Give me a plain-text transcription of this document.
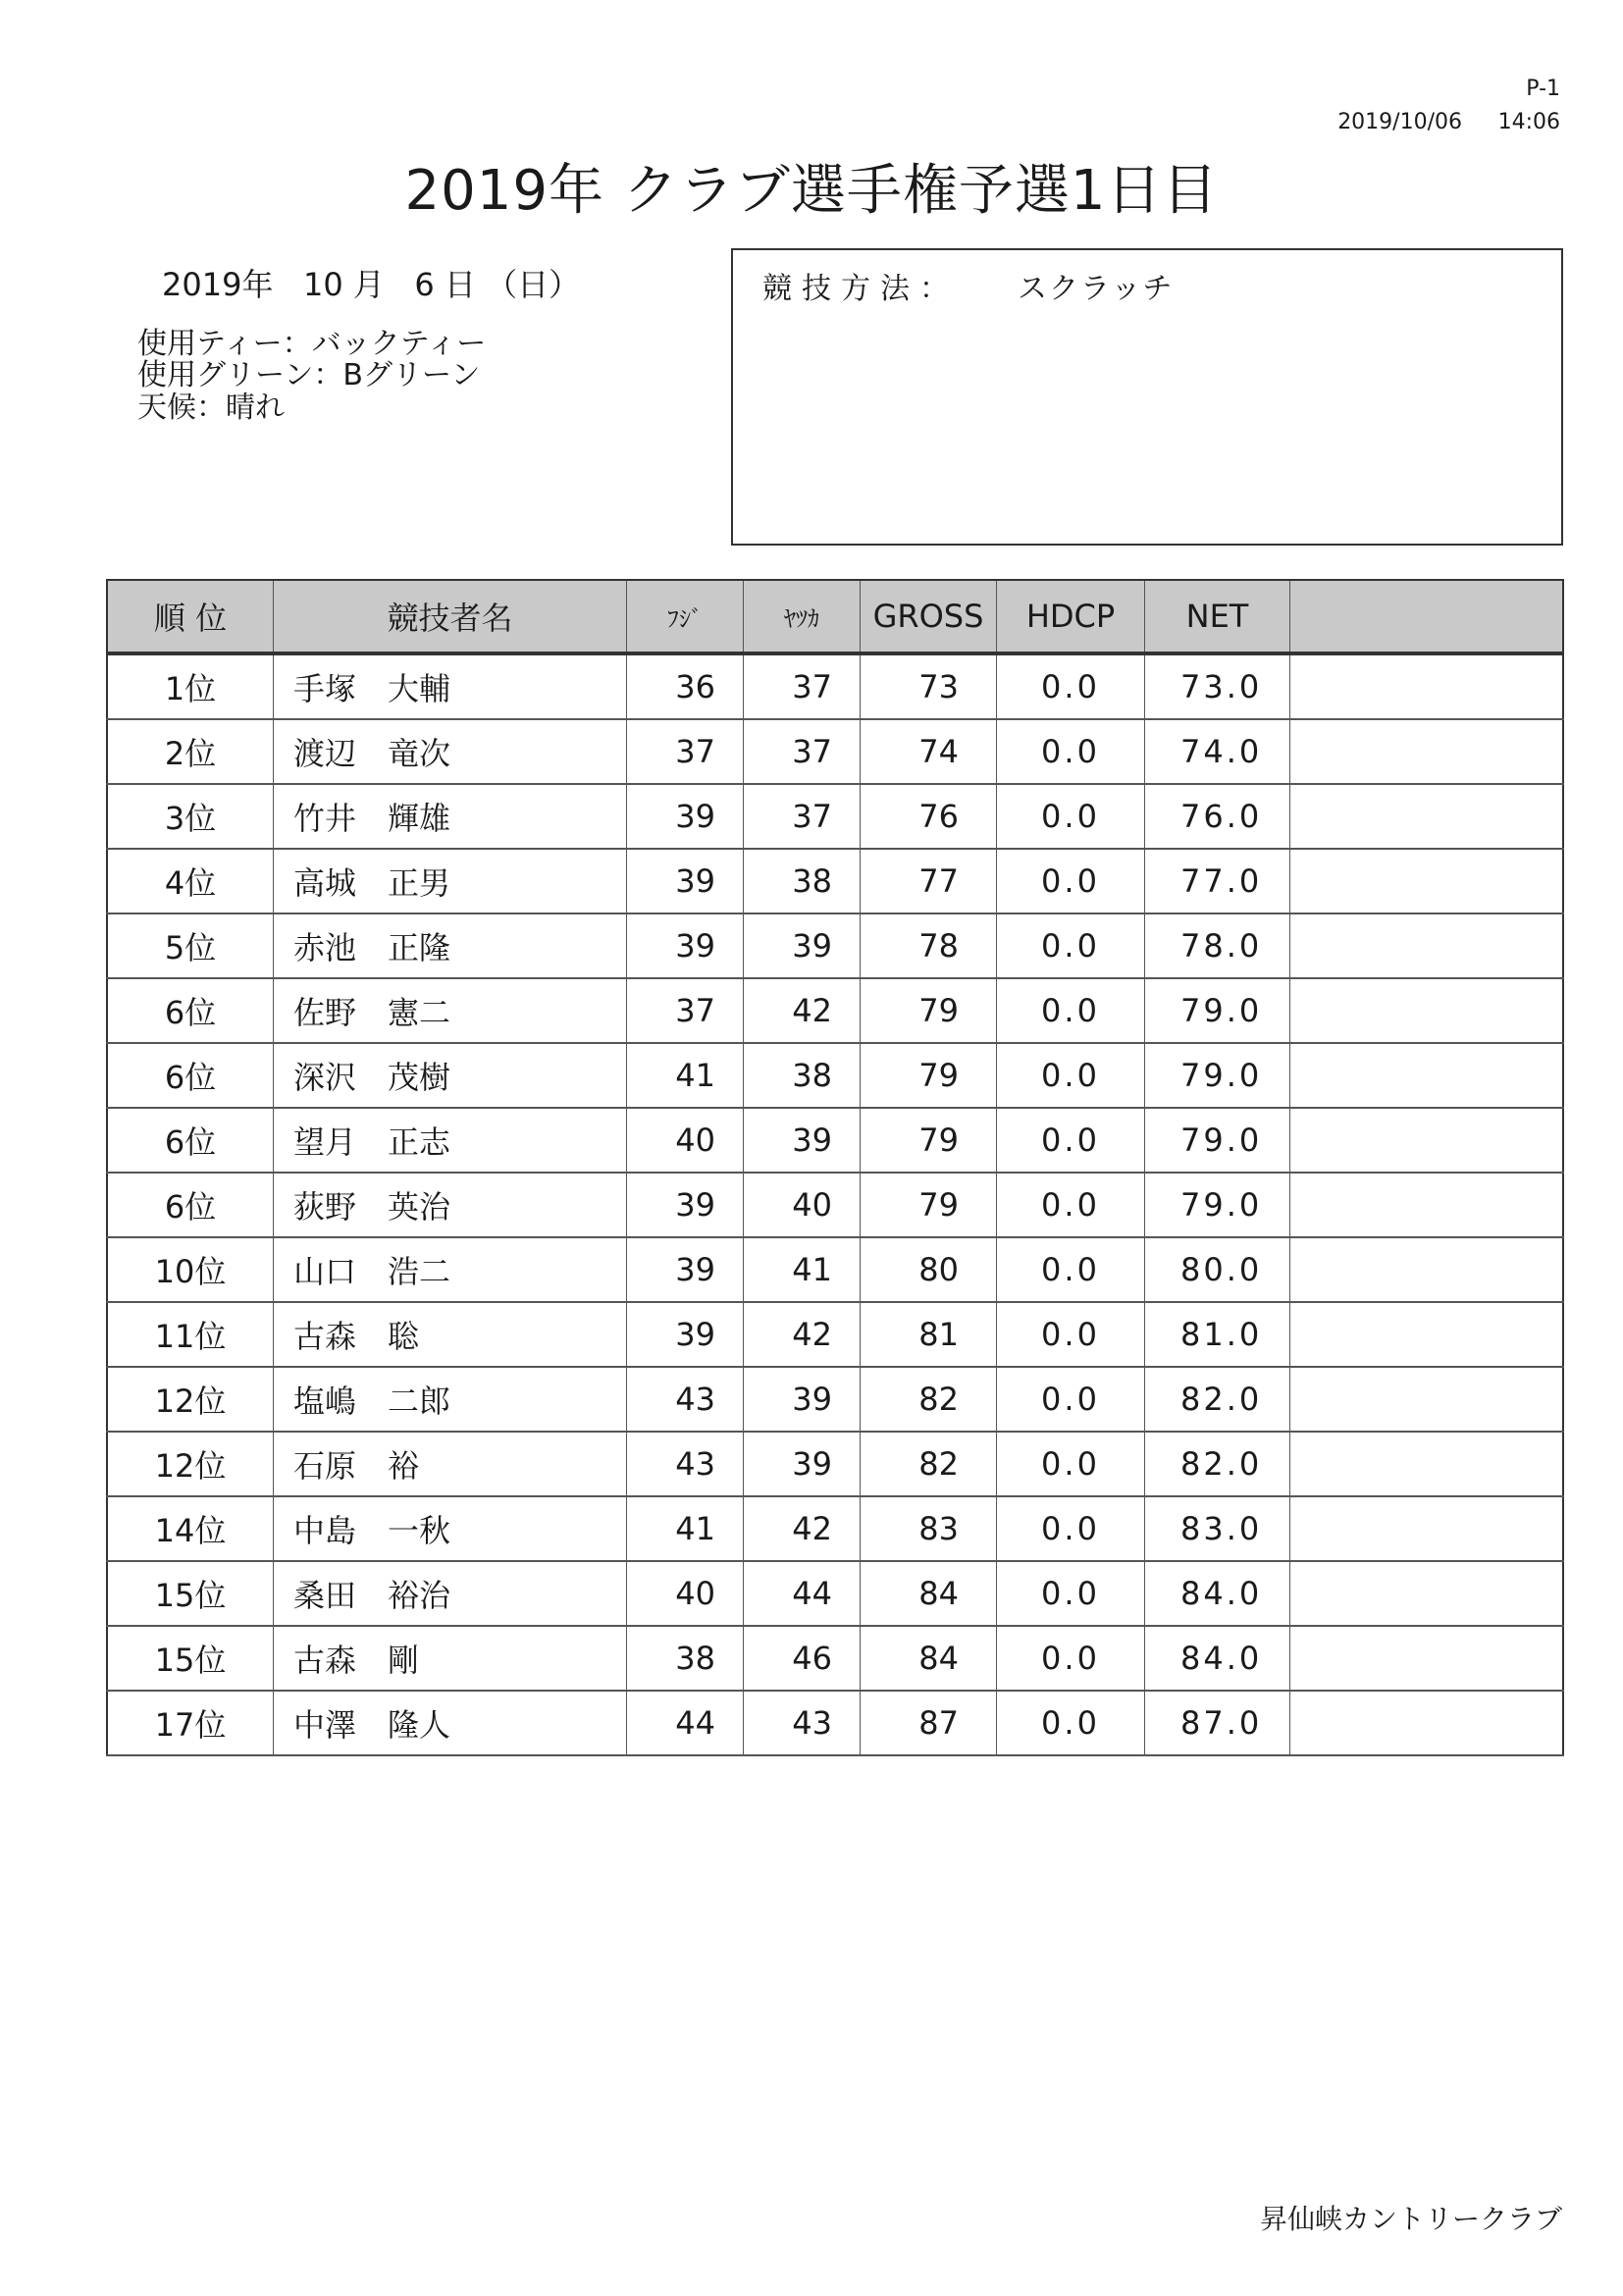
P-1
2019/10/06 14:06
2019年 クラブ選手権予選1日目
2019年   10 月   6 日 （日）
使用ティー：バックティー
使用グリーン：Bグリーン
天候：晴れ
競技方法： スクラッチ
順 位	競技者名	ﾌｼﾞ	ﾔﾂｶ	GROSS	HDCP	NET	
1位	手塚　大輔	36	37	73	0.0	73.0	
2位	渡辺　竜次	37	37	74	0.0	74.0	
3位	竹井　輝雄	39	37	76	0.0	76.0	
4位	高城　正男	39	38	77	0.0	77.0	
5位	赤池　正隆	39	39	78	0.0	78.0	
6位	佐野　憲二	37	42	79	0.0	79.0	
6位	深沢　茂樹	41	38	79	0.0	79.0	
6位	望月　正志	40	39	79	0.0	79.0	
6位	荻野　英治	39	40	79	0.0	79.0	
10位	山口　浩二	39	41	80	0.0	80.0	
11位	古森　聡	39	42	81	0.0	81.0	
12位	塩嶋　二郎	43	39	82	0.0	82.0	
12位	石原　裕	43	39	82	0.0	82.0	
14位	中島　一秋	41	42	83	0.0	83.0	
15位	桑田　裕治	40	44	84	0.0	84.0	
15位	古森　剛	38	46	84	0.0	84.0	
17位	中澤　隆人	44	43	87	0.0	87.0	
昇仙峡カントリークラブ
